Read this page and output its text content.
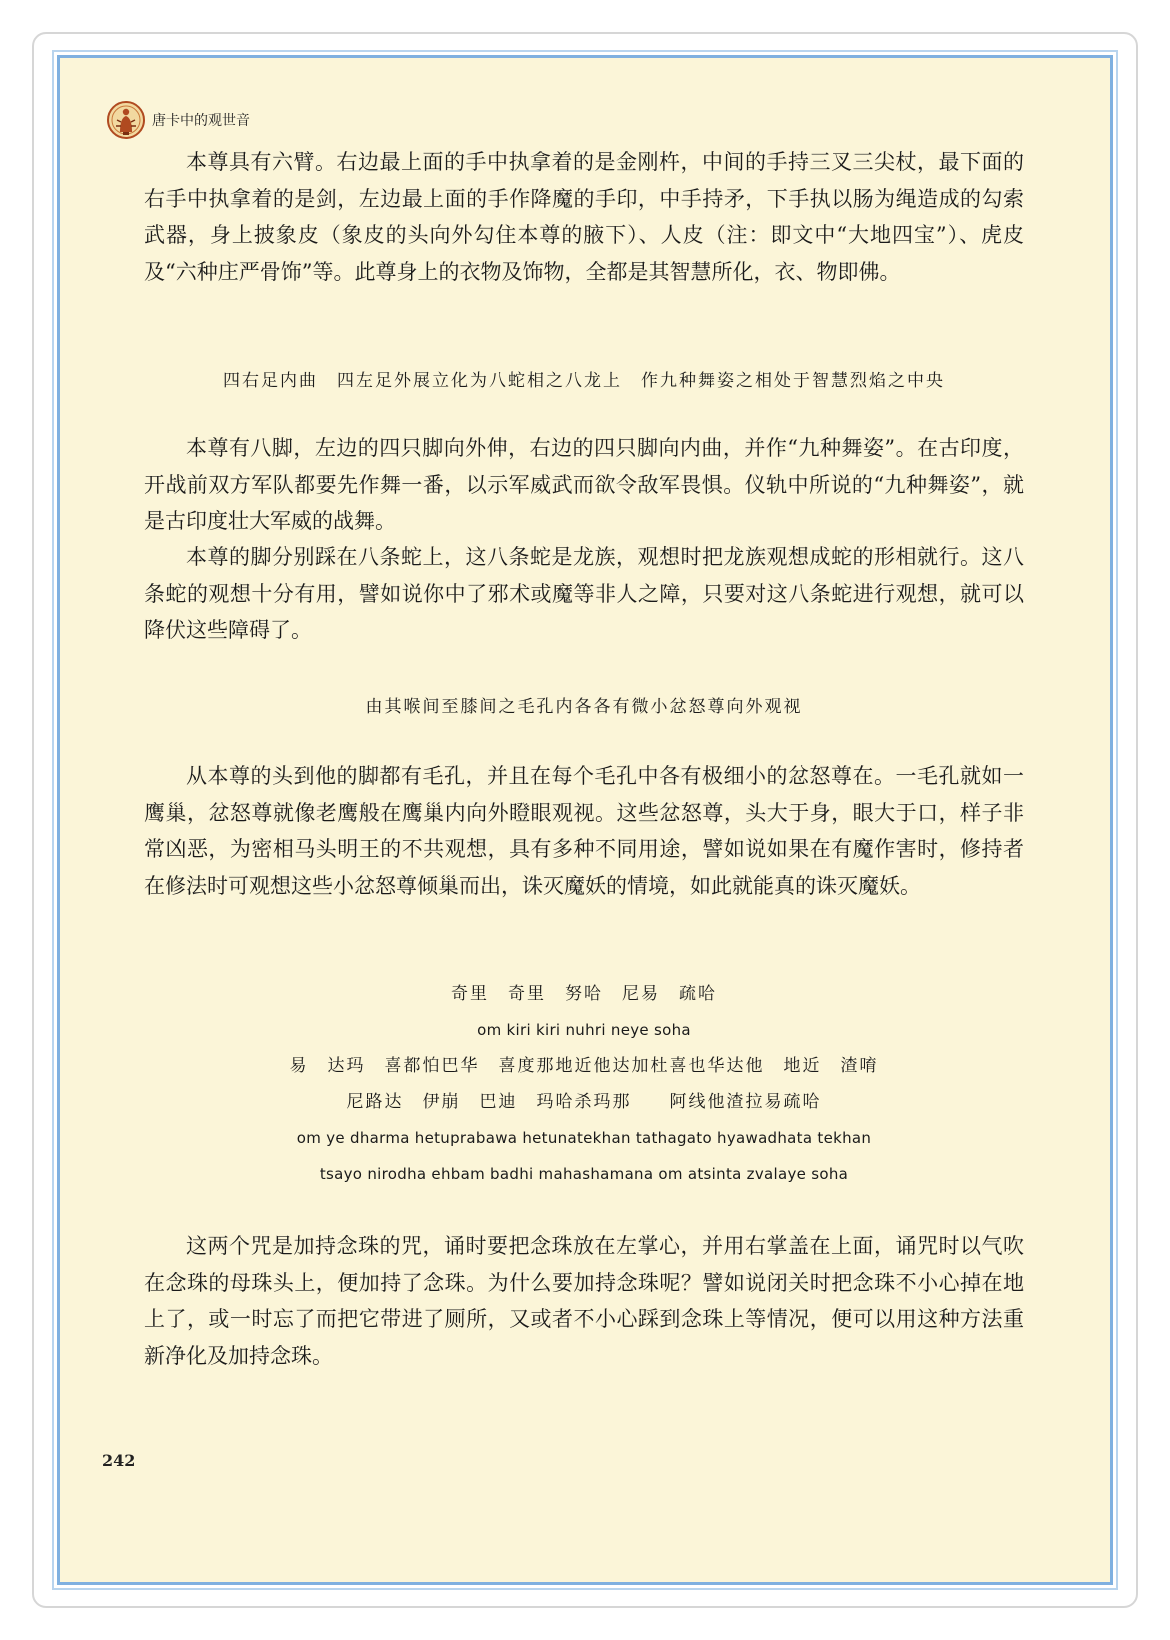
唐卡中的观世音

本尊具有六臂。右边最上面的手中执拿着的是金刚杵，中间的手持三叉三尖杖，最下面的右手中执拿着的是剑，左边最上面的手作降魔的手印，中手持矛，下手执以肠为绳造成的勾索武器，身上披象皮（象皮的头向外勾住本尊的腋下）、人皮（注：即文中“大地四宝”）、虎皮及“六种庄严骨饰”等。此尊身上的衣物及饰物，全都是其智慧所化，衣、物即佛。

四右足内曲　四左足外展立化为八蛇相之八龙上　作九种舞姿之相处于智慧烈焰之中央

本尊有八脚，左边的四只脚向外伸，右边的四只脚向内曲，并作“九种舞姿”。在古印度，开战前双方军队都要先作舞一番，以示军威武而欲令敌军畏惧。仪轨中所说的“九种舞姿”，就是古印度壮大军威的战舞。

本尊的脚分别踩在八条蛇上，这八条蛇是龙族，观想时把龙族观想成蛇的形相就行。这八条蛇的观想十分有用，譬如说你中了邪术或魔等非人之障，只要对这八条蛇进行观想，就可以降伏这些障碍了。

由其喉间至膝间之毛孔内各各有微小忿怒尊向外观视

从本尊的头到他的脚都有毛孔，并且在每个毛孔中各有极细小的忿怒尊在。一毛孔就如一鹰巢，忿怒尊就像老鹰般在鹰巢内向外瞪眼观视。这些忿怒尊，头大于身，眼大于口，样子非常凶恶，为密相马头明王的不共观想，具有多种不同用途，譬如说如果在有魔作害时，修持者在修法时可观想这些小忿怒尊倾巢而出，诛灭魔妖的情境，如此就能真的诛灭魔妖。

奇里　奇里　努哈　尼易　疏哈
om kiri kiri nuhri neye soha
易　达玛　喜都怕巴华　喜度那地近他达加杜喜也华达他　地近　渣唷
尼路达　伊崩　巴迪　玛哈杀玛那　　阿线他渣拉易疏哈
om ye dharma hetuprabawa hetunatekhan tathagato hyawadhata tekhan
tsayo nirodha ehbam badhi mahashamana om atsinta zvalaye soha

这两个咒是加持念珠的咒，诵时要把念珠放在左掌心，并用右掌盖在上面，诵咒时以气吹在念珠的母珠头上，便加持了念珠。为什么要加持念珠呢？譬如说闭关时把念珠不小心掉在地上了，或一时忘了而把它带进了厕所，又或者不小心踩到念珠上等情况，便可以用这种方法重新净化及加持念珠。

242
